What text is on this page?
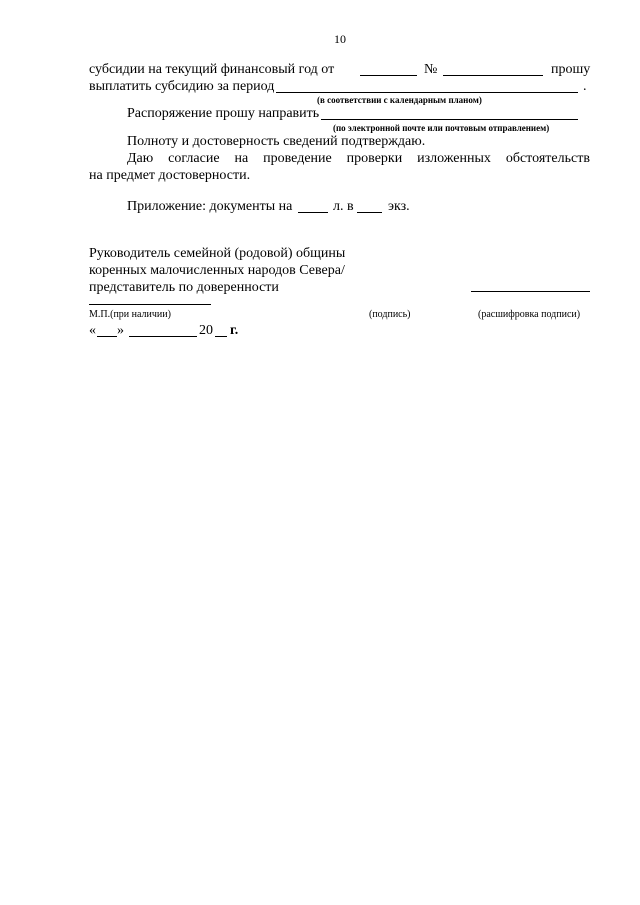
10
субсидии на текущий финансовый год от	№	прошу
выплатить субсидию за период	.
(в соответствии с календарным планом)
Распоряжение прошу направить
(по электронной почте или почтовым отправлением)
Полноту и достоверность сведений подтверждаю.
Даю согласие на проведение проверки изложенных обстоятельств
на предмет достоверности.
Приложение: документы на	л. в экз.
Руководитель семейной (родовой) общины
коренных малочисленных народов Севера/
представитель по доверенности
М.П.(при наличии)	(подпись)	(расшифровка подписи)
« »	20 г.
